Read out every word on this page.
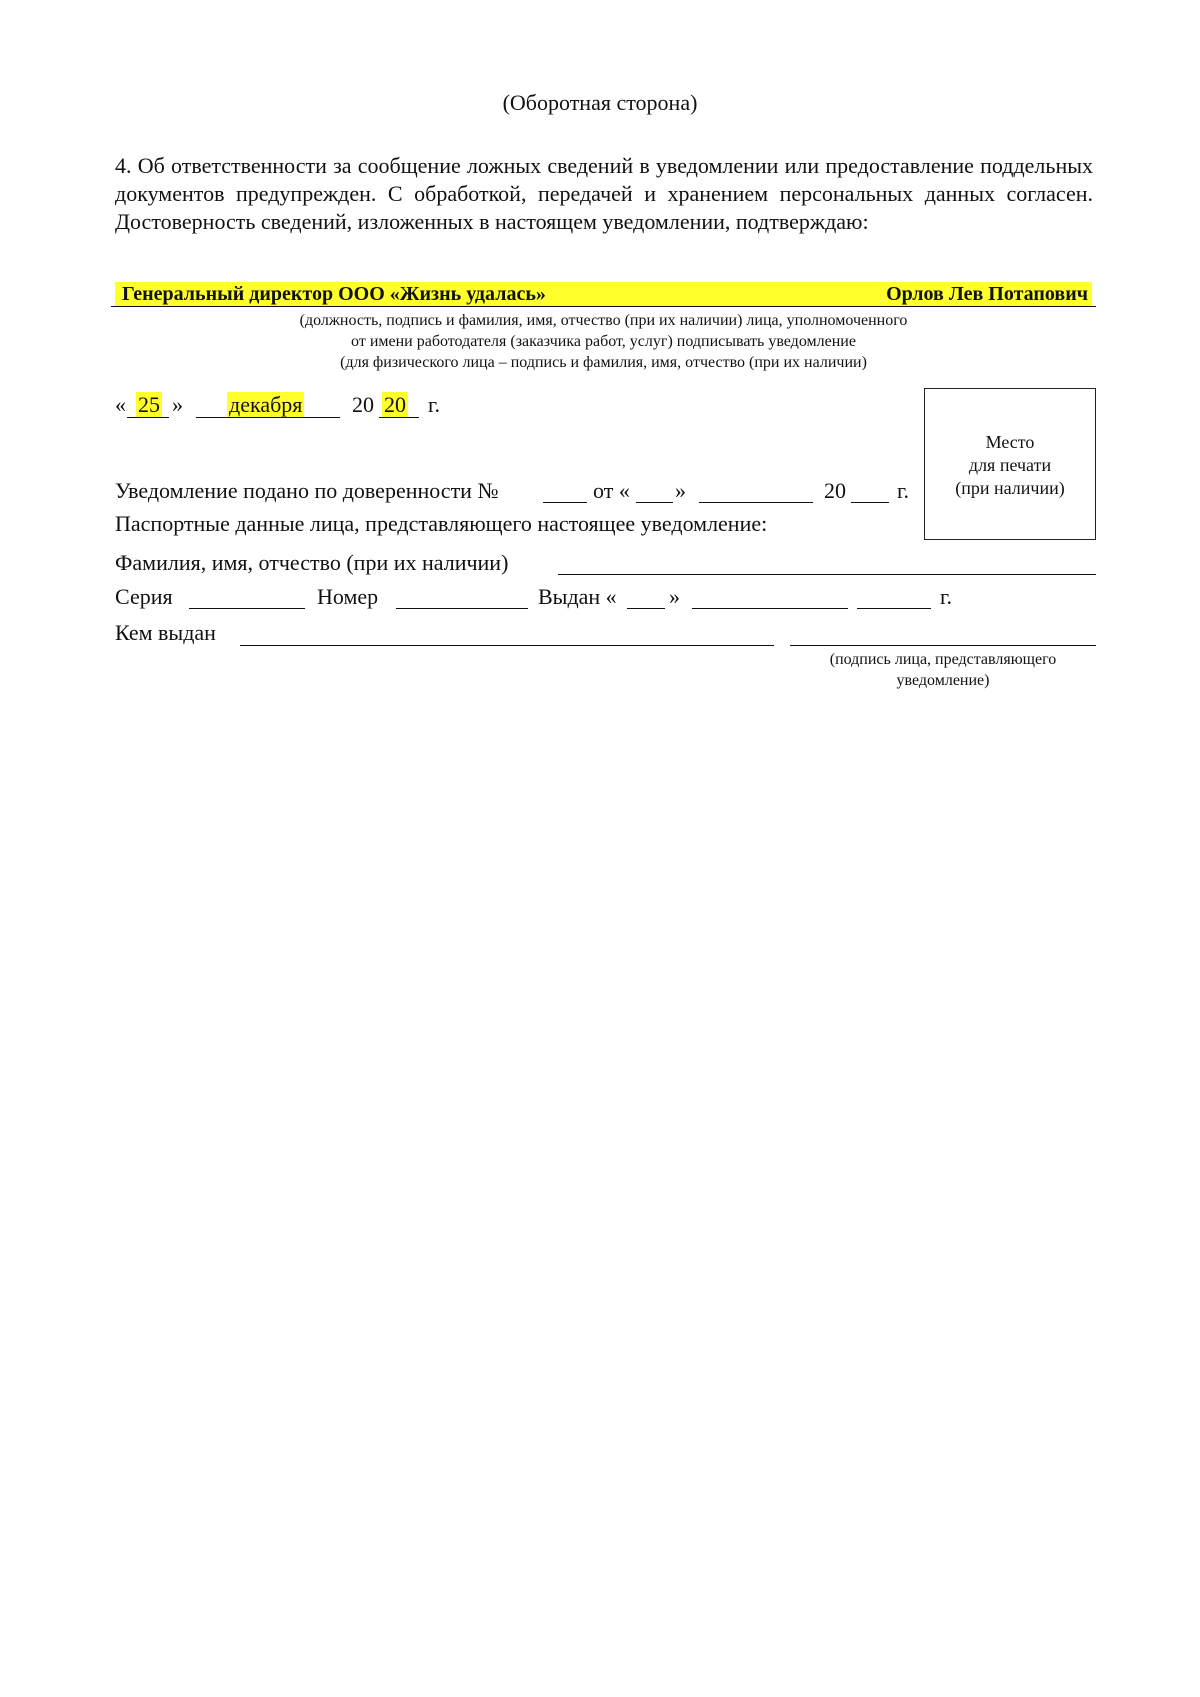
(Оборотная сторона)
4. Об ответственности за сообщение ложных сведений в уведомлении или предоставление поддельных документов предупрежден. С обработкой, передачей и хранением персональных данных согласен. Достоверность сведений, изложенных в настоящем уведомлении, подтверждаю:
Генеральный директор ООО «Жизнь удалась»	Орлов Лев Потапович
(должность, подпись и фамилия, имя, отчество (при их наличии) лица, уполномоченного
от имени работодателя (заказчика работ, услуг) подписывать уведомление
(для физического лица – подпись и фамилия, имя, отчество (при их наличии)
« 25 » декабря 20 20 г.
Место
для печати
(при наличии)
Уведомление подано по доверенности №	от « »	20 г.
Паспортные данные лица, представляющего настоящее уведомление:
Фамилия, имя, отчество (при их наличии)
Серия	Номер	Выдан « »	г.
Кем выдан
(подпись лица, представляющего
уведомление)
